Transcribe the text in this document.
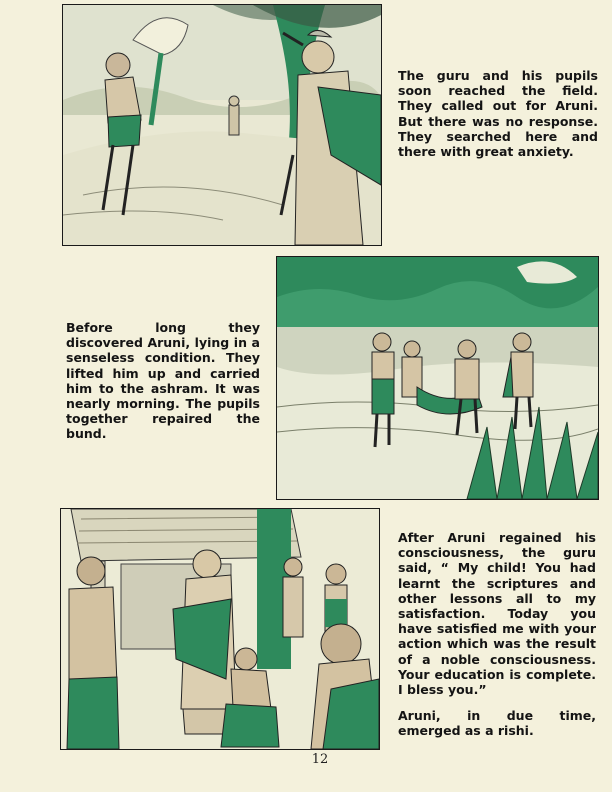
The guru and his pupils soon reached the field. They called out for Aruni. But there was no response. They searched here and there with great anxiety.

Before long they discovered Aruni, lying in a senseless condition. They lifted him up and carried him to the ashram. It was nearly morning. The pupils together repaired the bund.

After Aruni regained his consciousness, the guru said, “ My child! You had learnt the scriptures and other lessons all to my satisfaction. Today you have satisfied me with your action which was the result of a noble consciousness. Your education is complete. I bless you.”

Aruni, in due time, emerged as a rishi.

12
